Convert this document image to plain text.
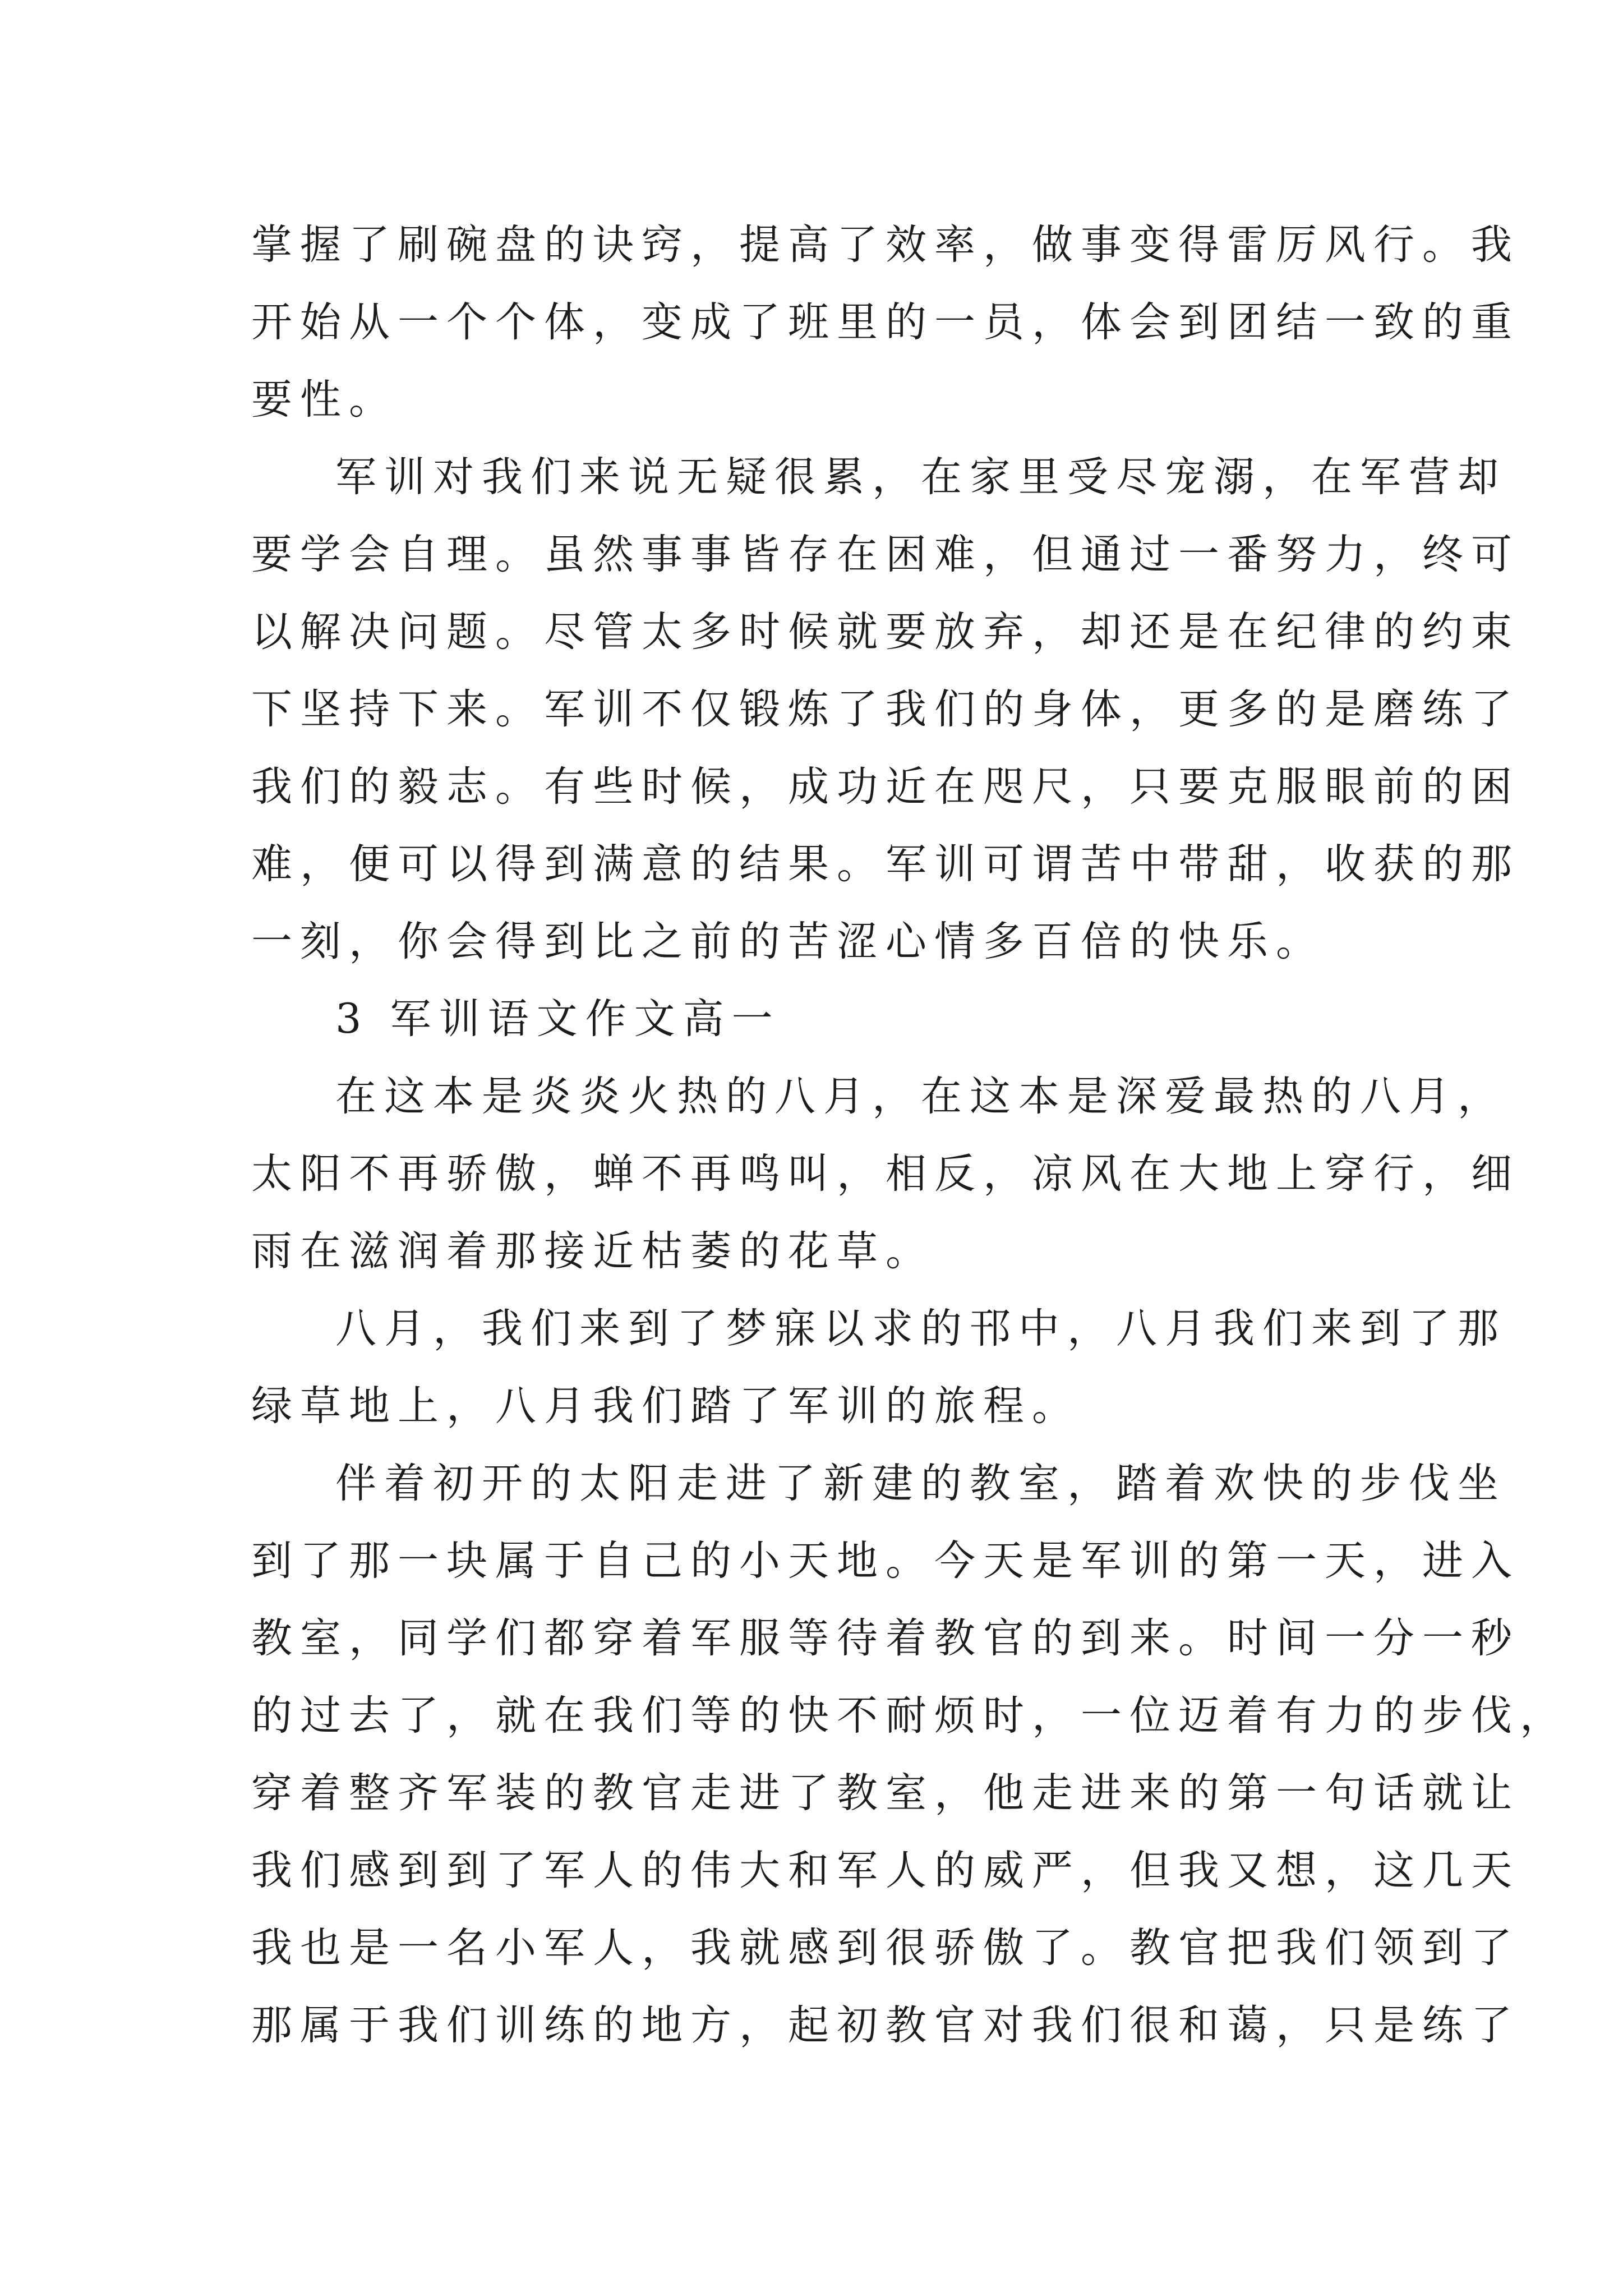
掌握了刷碗盘的诀窍，提高了效率，做事变得雷厉风行。我
开始从一个个体，变成了班里的一员，体会到团结一致的重
要性。
军训对我们来说无疑很累，在家里受尽宠溺，在军营却
要学会自理。虽然事事皆存在困难，但通过一番努力，终可
以解决问题。尽管太多时候就要放弃，却还是在纪律的约束
下坚持下来。军训不仅锻炼了我们的身体，更多的是磨练了
我们的毅志。有些时候，成功近在咫尺，只要克服眼前的困
难，便可以得到满意的结果。军训可谓苦中带甜，收获的那
一刻，你会得到比之前的苦涩心情多百倍的快乐。
3 军训语文作文高一
在这本是炎炎火热的八月，在这本是深爱最热的八月，
太阳不再骄傲，蝉不再鸣叫，相反，凉风在大地上穿行，细
雨在滋润着那接近枯萎的花草。
八月，我们来到了梦寐以求的邗中，八月我们来到了那
绿草地上，八月我们踏了军训的旅程。
伴着初开的太阳走进了新建的教室，踏着欢快的步伐坐
到了那一块属于自己的小天地。今天是军训的第一天，进入
教室，同学们都穿着军服等待着教官的到来。时间一分一秒
的过去了，就在我们等的快不耐烦时，一位迈着有力的步伐，
穿着整齐军装的教官走进了教室，他走进来的第一句话就让
我们感到到了军人的伟大和军人的威严，但我又想，这几天
我也是一名小军人，我就感到很骄傲了。教官把我们领到了
那属于我们训练的地方，起初教官对我们很和蔼，只是练了
